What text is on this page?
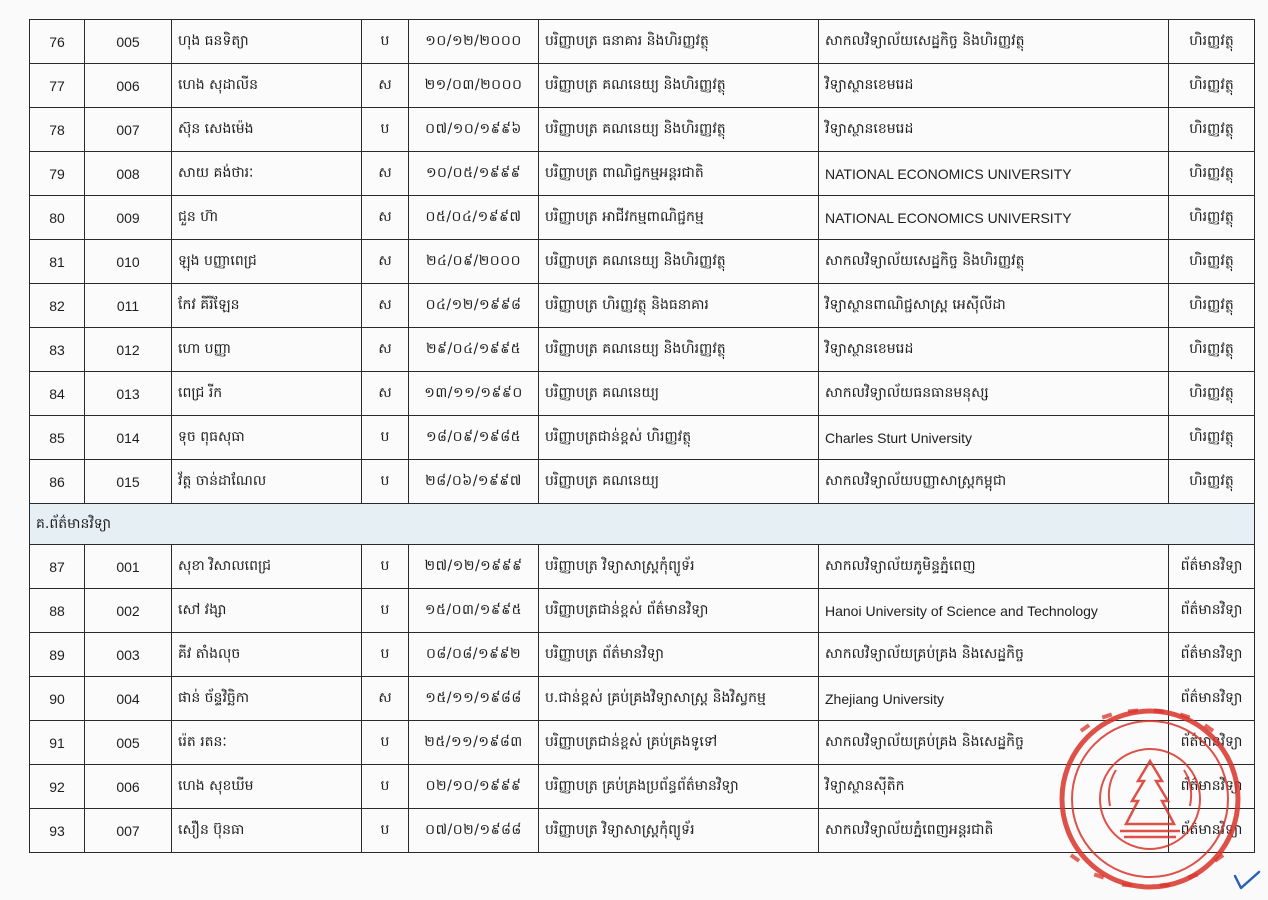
76	005	ហុង ធនទិត្យា	ប	១០/១២/២០០០	បរិញ្ញាបត្រ ធនាគារ និងហិរញ្ញវត្ថុ	សាកលវិទ្យាល័យសេដ្ឋកិច្ច និងហិរញ្ញវត្ថុ	ហិរញ្ញវត្ថុ
77	006	ហេង សុដាលីន	ស	២១/០៣/២០០០	បរិញ្ញាបត្រ គណនេយ្យ និងហិរញ្ញវត្ថុ	វិទ្យាស្ថានខេមរេដ	ហិរញ្ញវត្ថុ
78	007	ស៊ុន សេងម៉េង	ប	០៧/១០/១៩៩៦	បរិញ្ញាបត្រ គណនេយ្យ និងហិរញ្ញវត្ថុ	វិទ្យាស្ថានខេមរេដ	ហិរញ្ញវត្ថុ
79	008	សាយ គង់ថារៈ	ស	១០/០៥/១៩៩៩	បរិញ្ញាបត្រ ពាណិជ្ជកម្មអន្តរជាតិ	NATIONAL ECONOMICS UNIVERSITY	ហិរញ្ញវត្ថុ
80	009	ជួន ហ៊ា	ស	០៥/០៤/១៩៩៧	បរិញ្ញាបត្រ អាជីវកម្មពាណិជ្ជកម្ម	NATIONAL ECONOMICS UNIVERSITY	ហិរញ្ញវត្ថុ
81	010	ឡុង បញ្ញាពេជ្រ	ស	២៤/០៩/២០០០	បរិញ្ញាបត្រ គណនេយ្យ និងហិរញ្ញវត្ថុ	សាកលវិទ្យាល័យសេដ្ឋកិច្ច និងហិរញ្ញវត្ថុ	ហិរញ្ញវត្ថុ
82	011	កែវ គីរីឡែន	ស	០៤/១២/១៩៩៨	បរិញ្ញាបត្រ ហិរញ្ញវត្ថុ និងធនាគារ	វិទ្យាស្ថានពាណិជ្ជសាស្ត្រ អេស៊ីលីដា	ហិរញ្ញវត្ថុ
83	012	ហោ បញ្ញា	ស	២៩/០៤/១៩៩៥	បរិញ្ញាបត្រ គណនេយ្យ និងហិរញ្ញវត្ថុ	វិទ្យាស្ថានខេមរេដ	ហិរញ្ញវត្ថុ
84	013	ពេជ្រ រីក	ស	១៣/១១/១៩៩០	បរិញ្ញាបត្រ គណនេយ្យ	សាកលវិទ្យាល័យធនធានមនុស្ស	ហិរញ្ញវត្ថុ
85	014	ទុច ពុធសុធា	ប	១៨/០៩/១៩៨៥	បរិញ្ញាបត្រជាន់ខ្ពស់ ហិរញ្ញវត្ថុ	Charles Sturt University	ហិរញ្ញវត្ថុ
86	015	វ័ត្ត ចាន់ដាណែល	ប	២៨/០៦/១៩៩៧	បរិញ្ញាបត្រ គណនេយ្យ	សាកលវិទ្យាល័យបញ្ញាសាស្ត្រកម្ពុជា	ហិរញ្ញវត្ថុ
គ.ព័ត៌មានវិទ្យា							
87	001	សុខា វិសាលពេជ្រ	ប	២៧/១២/១៩៩៩	បរិញ្ញាបត្រ វិទ្យាសាស្ត្រកុំព្យូទ័រ	សាកលវិទ្យាល័យភូមិន្ទភ្នំពេញ	ព័ត៌មានវិទ្យា
88	002	សៅ វង្សា	ប	១៥/០៣/១៩៩៥	បរិញ្ញាបត្រជាន់ខ្ពស់ ព័ត៌មានវិទ្យា	Hanoi University of Science and Technology	ព័ត៌មានវិទ្យា
89	003	គីវ តាំងលុច	ប	០៨/០៨/១៩៩២	បរិញ្ញាបត្រ ព័ត៌មានវិទ្យា	សាកលវិទ្យាល័យគ្រប់គ្រង និងសេដ្ឋកិច្ច	ព័ត៌មានវិទ្យា
90	004	ផាន់ ច័ន្ទវិច្ឆិកា	ស	១៥/១១/១៩៨៨	ប.ជាន់ខ្ពស់ គ្រប់គ្រងវិទ្យាសាស្ត្រ និងវិស្វកម្ម	Zhejiang University	ព័ត៌មានវិទ្យា
91	005	រ៉េត រតនៈ	ប	២៥/១១/១៩៨៣	បរិញ្ញាបត្រជាន់ខ្ពស់ គ្រប់គ្រងទូទៅ	សាកលវិទ្យាល័យគ្រប់គ្រង និងសេដ្ឋកិច្ច	ព័ត៌មានវិទ្យា
92	006	ហេង សុខឃីម	ប	០២/១០/១៩៩៩	បរិញ្ញាបត្រ គ្រប់គ្រងប្រព័ន្ធព័ត៌មានវិទ្យា	វិទ្យាស្ថានស៊ីតិក	ព័ត៌មានវិទ្យា
93	007	សឿន ប៊ុនធា	ប	០៧/០២/១៩៨៨	បរិញ្ញាបត្រ វិទ្យាសាស្ត្រកុំព្យូទ័រ	សាកលវិទ្យាល័យភ្នំពេញអន្តរជាតិ	ព័ត៌មានវិទ្យា
